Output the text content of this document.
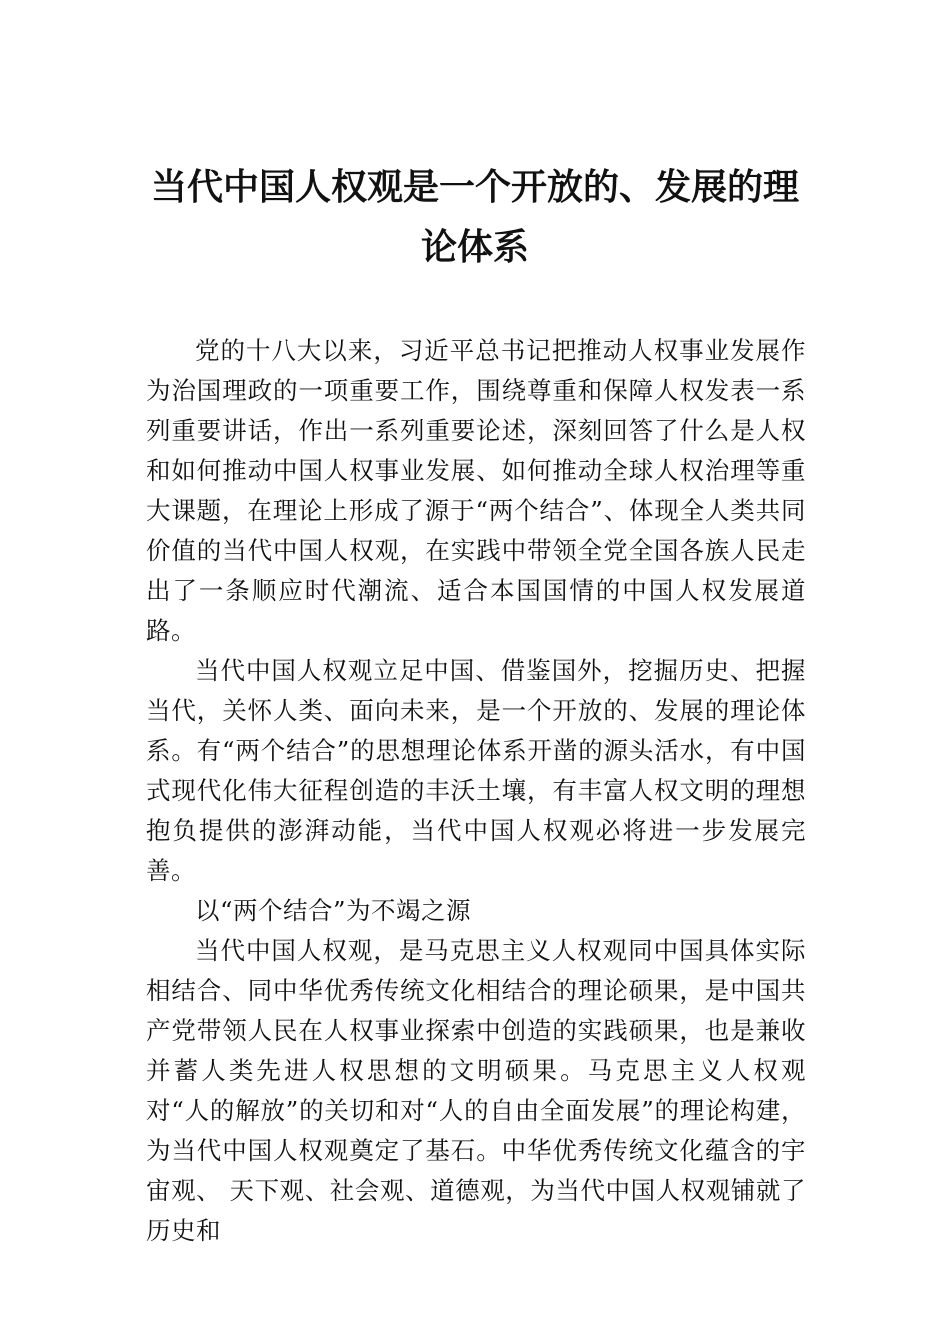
当代中国人权观是一个开放的、发展的理论体系

党的十八大以来，习近平总书记把推动人权事业发展作为治国理政的一项重要工作，围绕尊重和保障人权发表一系列重要讲话，作出一系列重要论述，深刻回答了什么是人权和如何推动中国人权事业发展、如何推动全球人权治理等重大课题，在理论上形成了源于“两个结合”、体现全人类共同价值的当代中国人权观，在实践中带领全党全国各族人民走出了一条顺应时代潮流、适合本国国情的中国人权发展道路。

当代中国人权观立足中国、借鉴国外，挖掘历史、把握当代，关怀人类、面向未来，是一个开放的、发展的理论体系。有“两个结合”的思想理论体系开凿的源头活水，有中国式现代化伟大征程创造的丰沃土壤，有丰富人权文明的理想抱负提供的澎湃动能，当代中国人权观必将进一步发展完善。

以“两个结合”为不竭之源

当代中国人权观，是马克思主义人权观同中国具体实际相结合、同中华优秀传统文化相结合的理论硕果，是中国共产党带领人民在人权事业探索中创造的实践硕果，也是兼收并蓄人类先进人权思想的文明硕果。马克思主义人权观对“人的解放”的关切和对“人的自由全面发展”的理论构建，为当代中国人权观奠定了基石。中华优秀传统文化蕴含的宇宙观、 天下观、社会观、道德观，为当代中国人权观铺就了历史和
